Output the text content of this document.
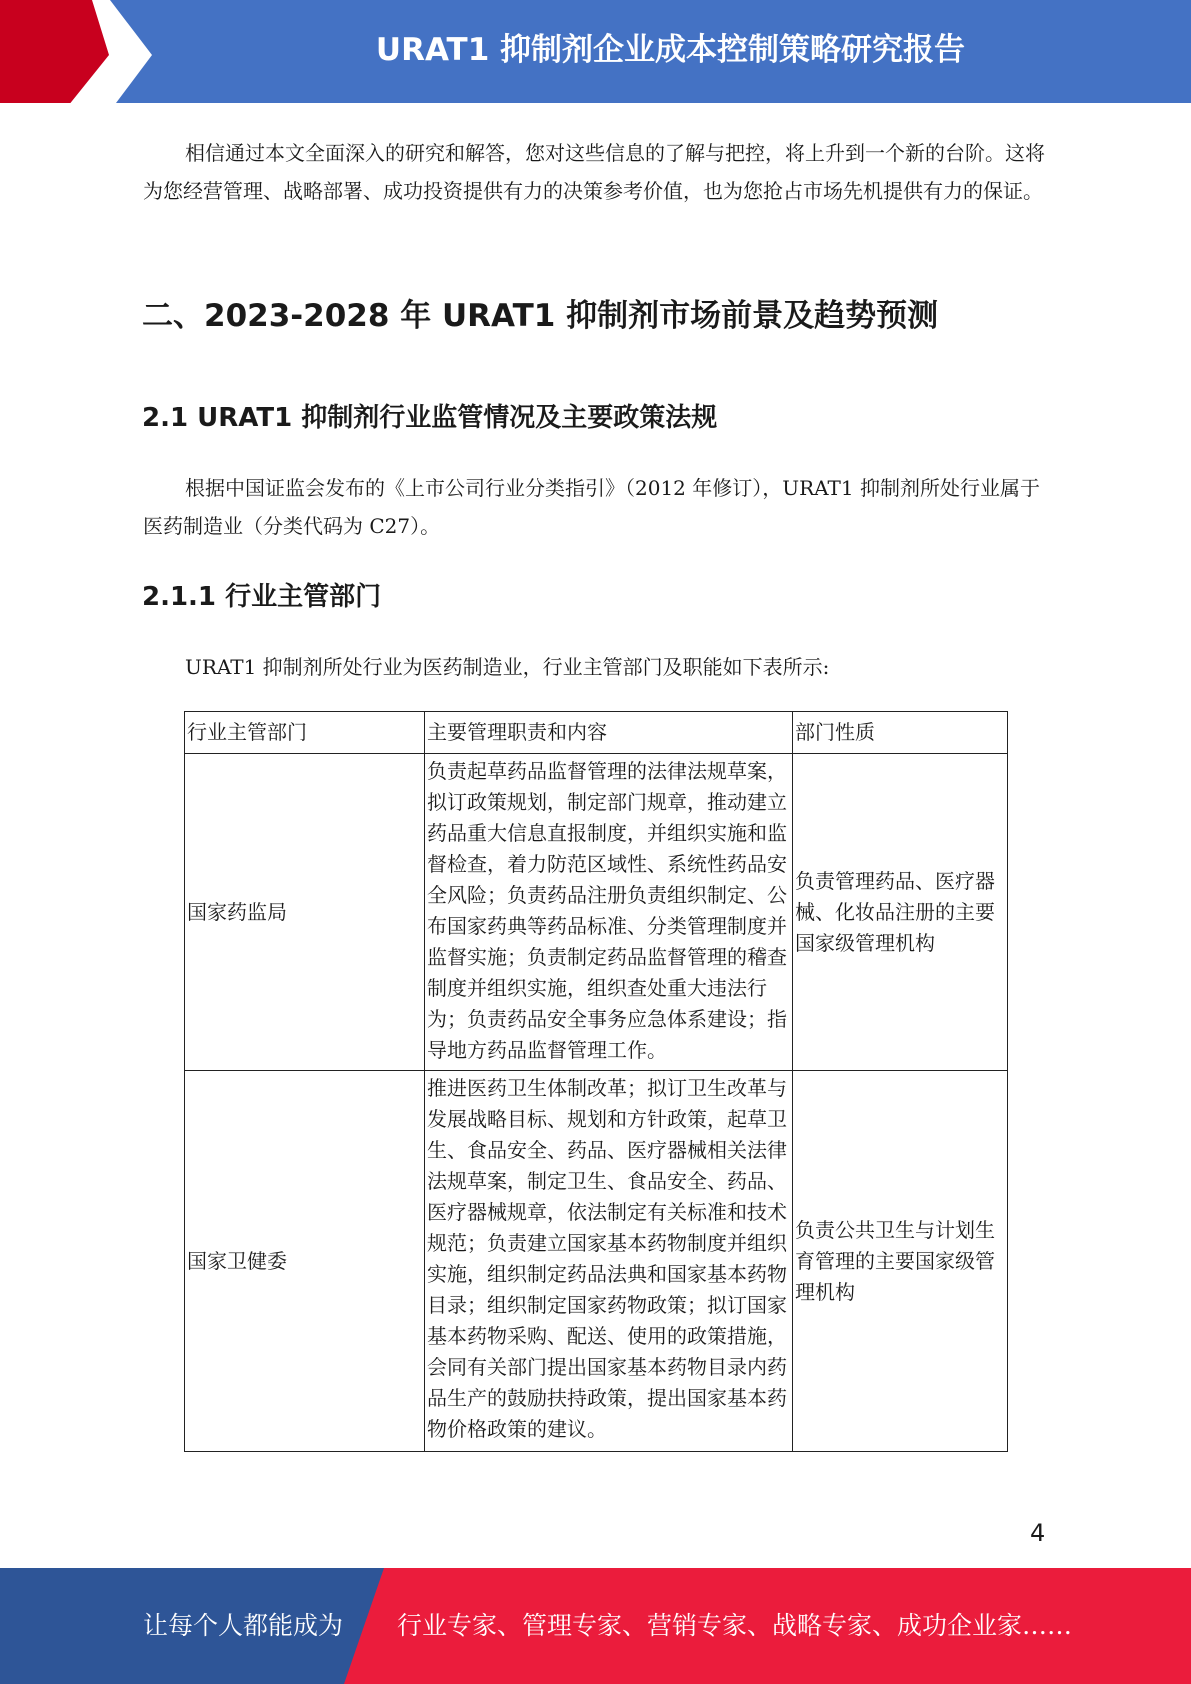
URAT1 抑制剂企业成本控制策略研究报告

相信通过本文全面深入的研究和解答，您对这些信息的了解与把控，将上升到一个新的台阶。这将为您经营管理、战略部署、成功投资提供有力的决策参考价值，也为您抢占市场先机提供有力的保证。

二、2023-2028 年 URAT1 抑制剂市场前景及趋势预测
2.1 URAT1 抑制剂行业监管情况及主要政策法规

根据中国证监会发布的《上市公司行业分类指引》（2012 年修订），URAT1 抑制剂所处行业属于医药制造业（分类代码为 C27）。

2.1.1 行业主管部门

URAT1 抑制剂所处行业为医药制造业，行业主管部门及职能如下表所示:

行业主管部门	主要管理职责和内容	部门性质
国家药监局	负责起草药品监督管理的法律法规草案，拟订政策规划，制定部门规章，推动建立药品重大信息直报制度，并组织实施和监督检查，着力防范区域性、系统性药品安全风险；负责药品注册负责组织制定、公布国家药典等药品标准、分类管理制度并监督实施；负责制定药品监督管理的稽查制度并组织实施，组织查处重大违法行为；负责药品安全事务应急体系建设；指导地方药品监督管理工作。	负责管理药品、医疗器械、化妆品注册的主要国家级管理机构
国家卫健委	推进医药卫生体制改革；拟订卫生改革与发展战略目标、规划和方针政策，起草卫生、食品安全、药品、医疗器械相关法律法规草案，制定卫生、食品安全、药品、医疗器械规章，依法制定有关标准和技术规范；负责建立国家基本药物制度并组织实施，组织制定药品法典和国家基本药物目录；组织制定国家药物政策；拟订国家基本药物采购、配送、使用的政策措施，会同有关部门提出国家基本药物目录内药品生产的鼓励扶持政策，提出国家基本药物价格政策的建议。	负责公共卫生与计划生育管理的主要国家级管理机构
4
让每个人都能成为 行业专家、管理专家、营销专家、战略专家、成功企业家……
